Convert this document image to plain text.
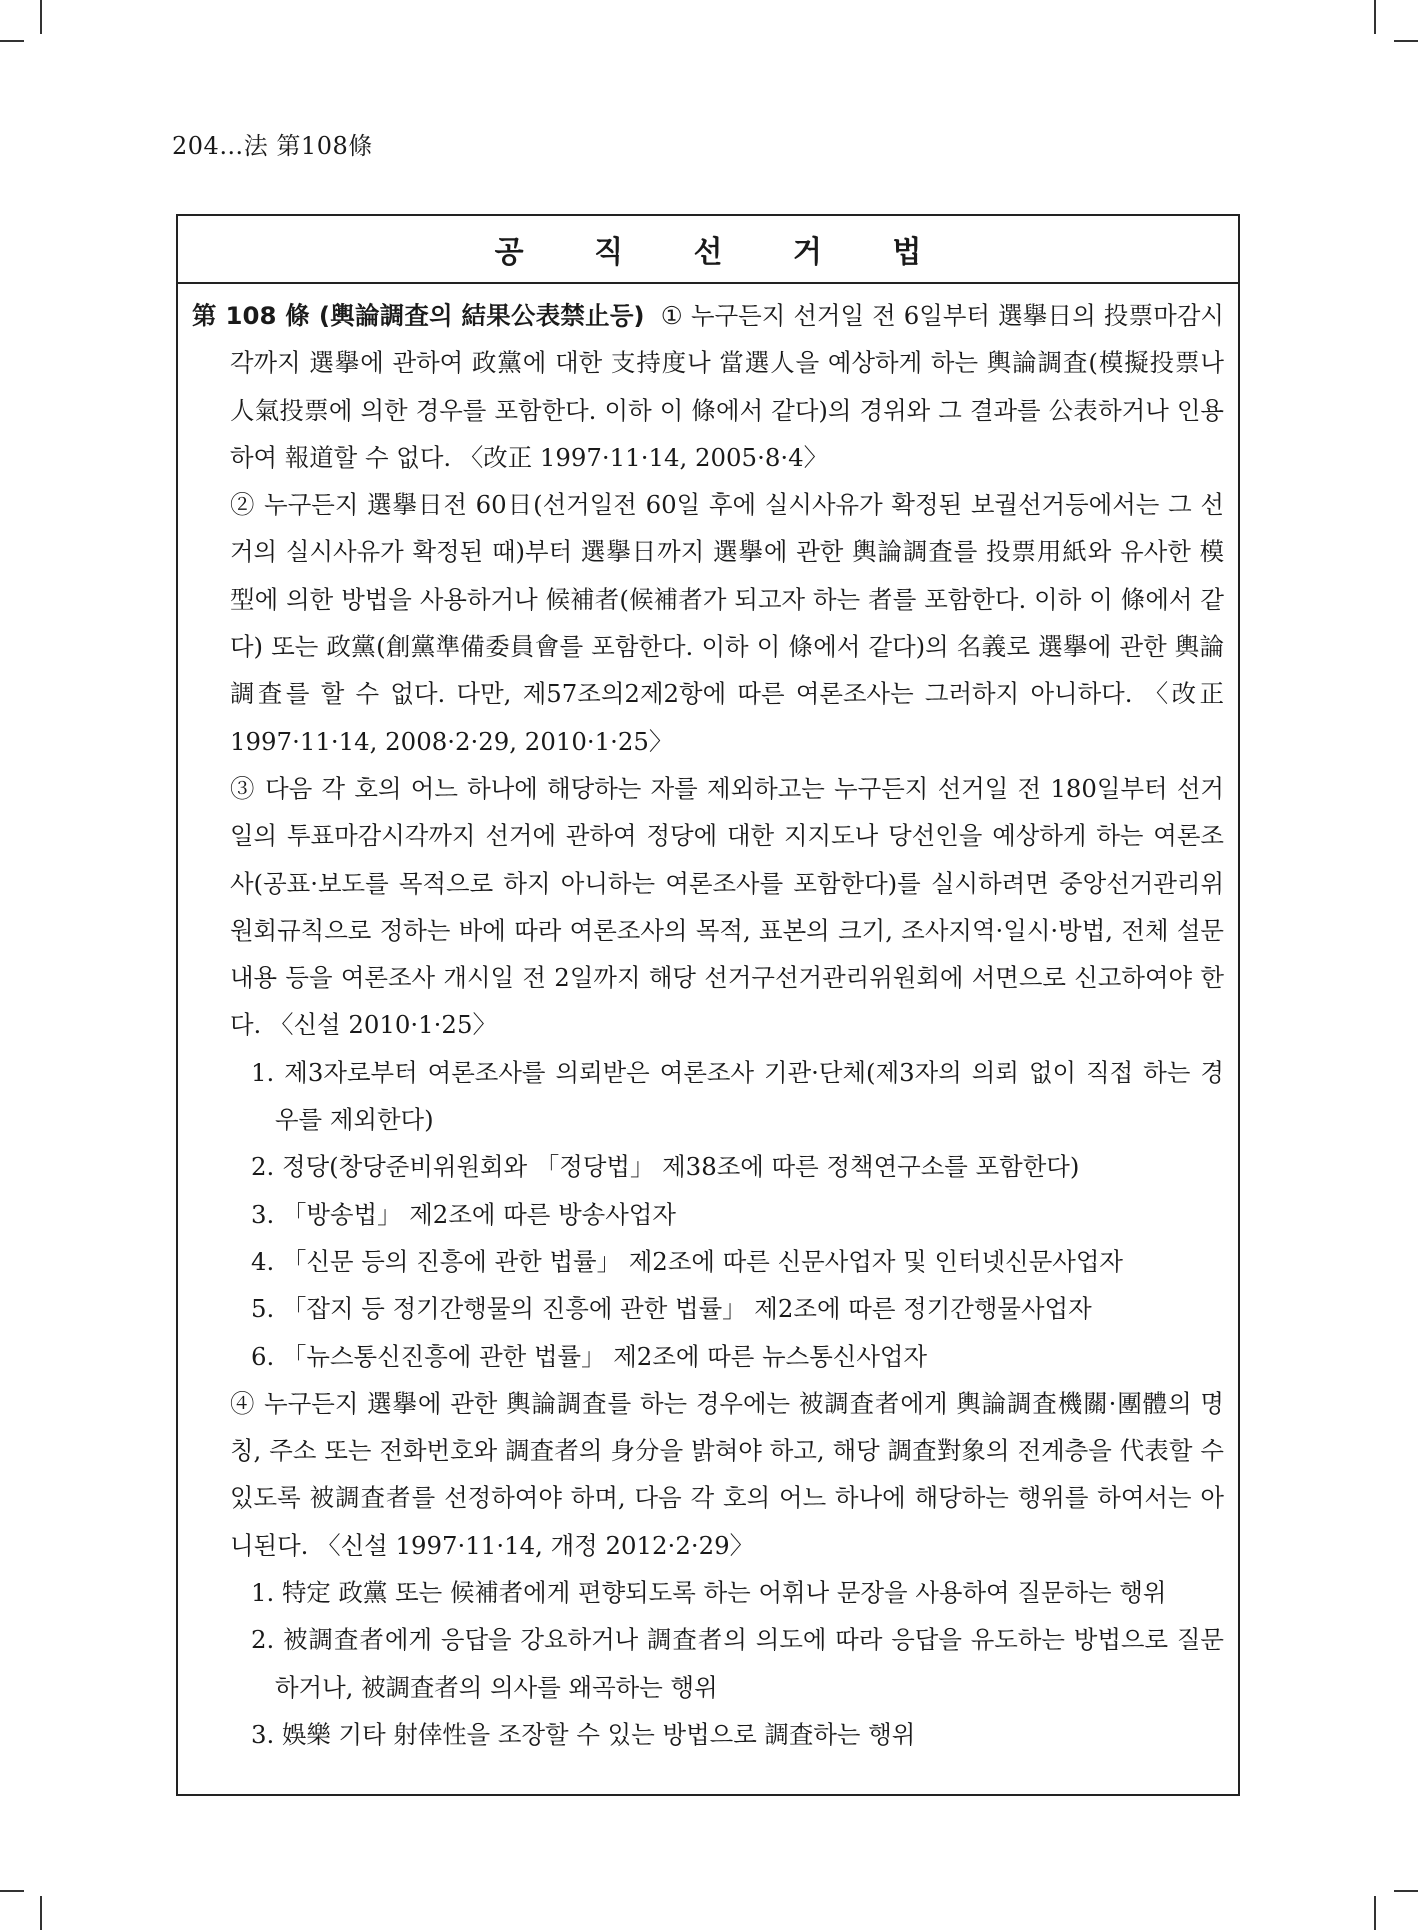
204…法 第108條
공 직 선 거 법

第 108 條 (輿論調査의 結果公表禁止등) ① 누구든지 선거일 전 6일부터 選擧日의 投票마감시각까지 選擧에 관하여 政黨에 대한 支持度나 當選人을 예상하게 하는 輿論調査(模擬投票나 人氣投票에 의한 경우를 포함한다. 이하 이 條에서 같다)의 경위와 그 결과를 公表하거나 인용하여 報道할 수 없다. 〈改正 1997·11·14, 2005·8·4〉

② 누구든지 選擧日전 60日(선거일전 60일 후에 실시사유가 확정된 보궐선거등에서는 그 선거의 실시사유가 확정된 때)부터 選擧日까지 選擧에 관한 輿論調査를 投票用紙와 유사한 模型에 의한 방법을 사용하거나 候補者(候補者가 되고자 하는 者를 포함한다. 이하 이 條에서 같다) 또는 政黨(創黨準備委員會를 포함한다. 이하 이 條에서 같다)의 名義로 選擧에 관한 輿論調査를 할 수 없다. 다만, 제57조의2제2항에 따른 여론조사는 그러하지 아니하다. 〈改正 1997·11·14, 2008·2·29, 2010·1·25〉

③ 다음 각 호의 어느 하나에 해당하는 자를 제외하고는 누구든지 선거일 전 180일부터 선거일의 투표마감시각까지 선거에 관하여 정당에 대한 지지도나 당선인을 예상하게 하는 여론조사(공표·보도를 목적으로 하지 아니하는 여론조사를 포함한다)를 실시하려면 중앙선거관리위원회규칙으로 정하는 바에 따라 여론조사의 목적, 표본의 크기, 조사지역·일시·방법, 전체 설문내용 등을 여론조사 개시일 전 2일까지 해당 선거구선거관리위원회에 서면으로 신고하여야 한다. 〈신설 2010·1·25〉

1. 제3자로부터 여론조사를 의뢰받은 여론조사 기관·단체(제3자의 의뢰 없이 직접 하는 경우를 제외한다)

2. 정당(창당준비위원회와 「정당법」 제38조에 따른 정책연구소를 포함한다)

3. 「방송법」 제2조에 따른 방송사업자

4. 「신문 등의 진흥에 관한 법률」 제2조에 따른 신문사업자 및 인터넷신문사업자

5. 「잡지 등 정기간행물의 진흥에 관한 법률」 제2조에 따른 정기간행물사업자

6. 「뉴스통신진흥에 관한 법률」 제2조에 따른 뉴스통신사업자

④ 누구든지 選擧에 관한 輿論調査를 하는 경우에는 被調査者에게 輿論調査機關·團體의 명칭, 주소 또는 전화번호와 調査者의 身分을 밝혀야 하고, 해당 調査對象의 전계층을 代表할 수 있도록 被調査者를 선정하여야 하며, 다음 각 호의 어느 하나에 해당하는 행위를 하여서는 아니된다. 〈신설 1997·11·14, 개정 2012·2·29〉

1. 特定 政黨 또는 候補者에게 편향되도록 하는 어휘나 문장을 사용하여 질문하는 행위

2. 被調査者에게 응답을 강요하거나 調査者의 의도에 따라 응답을 유도하는 방법으로 질문하거나, 被調査者의 의사를 왜곡하는 행위

3. 娛樂 기타 射倖性을 조장할 수 있는 방법으로 調査하는 행위
